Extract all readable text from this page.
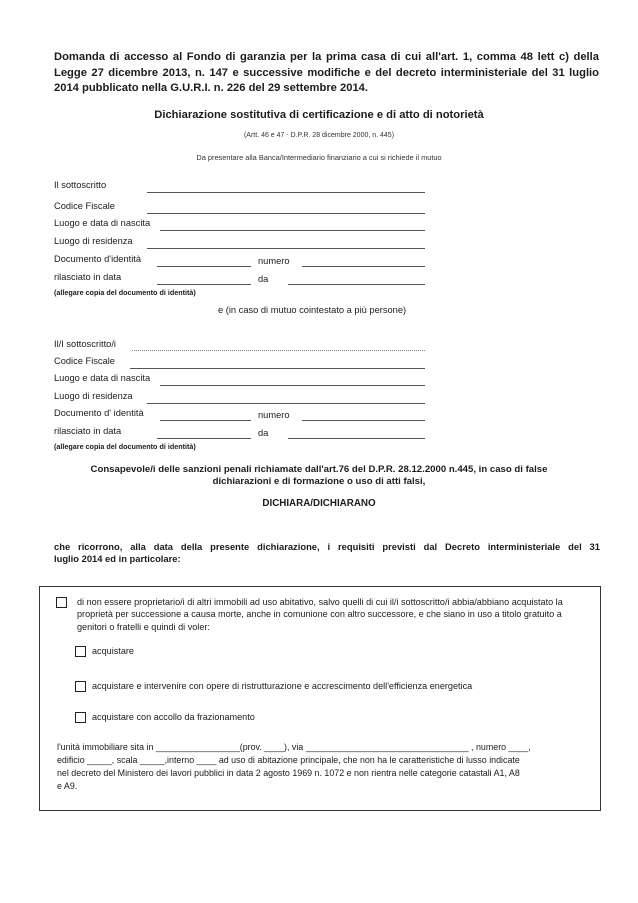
Domanda di accesso al Fondo di garanzia per la prima casa di cui all'art. 1, comma 48 lett c) della Legge 27 dicembre 2013, n. 147 e successive modifiche e del decreto interministeriale del 31 luglio 2014 pubblicato nella G.U.R.I. n. 226 del 29 settembre 2014.
Dichiarazione sostitutiva di certificazione e di atto di notorietà
(Artt. 46 e 47 - D.P.R. 28 dicembre 2000, n. 445)
Da presentare alla Banca/Intermediario finanziario a cui si richiede il mutuo
Il sottoscritto
Codice Fiscale
Luogo e data di nascita
Luogo di residenza
Documento d'identità	numero
rilasciato in data	da
(allegare copia del documento di identità)
e (in caso di mutuo cointestato a più persone)
Il/I sottoscritto/i
Codice Fiscale
Luogo e data di nascita
Luogo di residenza
Documento d' identità	numero
rilasciato in data	da
(allegare copia del documento di identità)
Consapevole/i delle sanzioni penali richiamate dall'art.76 del D.P.R. 28.12.2000 n.445, in caso di false
dichiarazioni e di formazione o uso di atti falsi,
DICHIARA/DICHIARANO
che ricorrono, alla data della presente dichiarazione, i requisiti previsti dal Decreto interministeriale del 31
luglio 2014 ed in particolare:
di non essere proprietario/i di altri immobili ad uso abitativo, salvo quelli di cui il/i sottoscritto/i abbia/abbiano acquistato la proprietà per successione a causa morte, anche in comunione con altro successore, e che siano in uso a titolo gratuito a genitori o fratelli e quindi di voler:
acquistare
acquistare e intervenire con opere di ristrutturazione e accrescimento dell'efficienza energetica
acquistare con accollo da frazionamento
l'unità immobiliare sita in _________________(prov. ____), via _________________________________ , numero ____,
edificio _____, scala _____,interno ____ ad uso di abitazione principale, che non ha le caratteristiche di lusso indicate
nel decreto del Ministero dei lavori pubblici in data 2 agosto 1969 n. 1072 e non rientra nelle categorie catastali A1, A8
e A9.
